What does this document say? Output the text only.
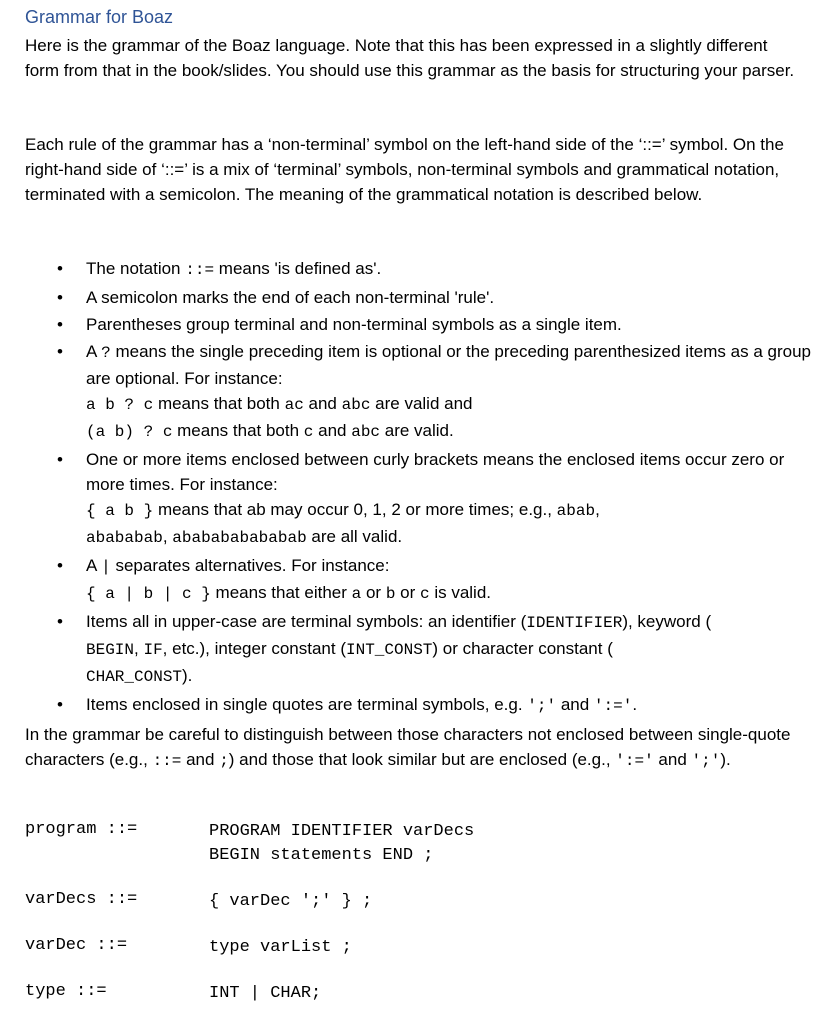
Grammar for Boaz
Here is the grammar of the Boaz language. Note that this has been expressed in a slightly different form from that in the book/slides. You should use this grammar as the basis for structuring your parser.
Each rule of the grammar has a ‘non-terminal’ symbol on the left-hand side of the ‘::=’ symbol. On the right-hand side of ‘::=’ is a mix of ‘terminal’ symbols, non-terminal symbols and grammatical notation, terminated with a semicolon. The meaning of the grammatical notation is described below.
• The notation ::= means 'is defined as'.
• A semicolon marks the end of each non-terminal 'rule'.
• Parentheses group terminal and non-terminal symbols as a single item.
• A ? means the single preceding item is optional or the preceding parenthesized items as a group are optional. For instance:
a b ? c means that both ac and abc are valid and
(a b) ? c means that both c and abc are valid.
• One or more items enclosed between curly brackets means the enclosed items occur zero or more times. For instance:
{ a b } means that ab may occur 0, 1, 2 or more times; e.g., abab,
abababab, ababababababab are all valid.
• A | separates alternatives. For instance:
{ a | b | c } means that either a or b or c is valid.
• Items all in upper-case are terminal symbols: an identifier (IDENTIFIER), keyword (
BEGIN, IF, etc.), integer constant (INT_CONST) or character constant (
CHAR_CONST).
• Items enclosed in single quotes are terminal symbols, e.g. ';' and ':='.
In the grammar be careful to distinguish between those characters not enclosed between single-quote characters (e.g., ::= and ;) and those that look similar but are enclosed (e.g., ':=' and ';').
program ::=	PROGRAM IDENTIFIER varDecs
BEGIN statements END ;
varDecs ::=	{ varDec ';' } ;
varDec ::=	type varList ;
type ::=	INT | CHAR;
